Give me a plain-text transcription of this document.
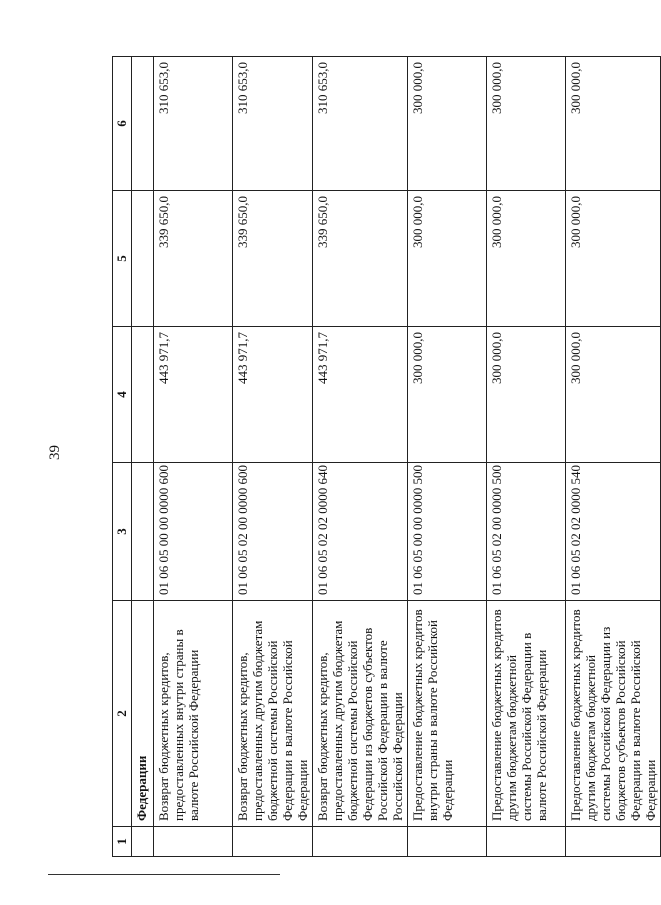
39
1	2	3	4	5	6
	Федерации				
	Возврат бюджетных кредитов, предоставленных внутри страны в валюте Российской Федерации	01 06 05 00 00 0000 600	443 971,7	339 650,0	310 653,0
	Возврат бюджетных кредитов, предоставленных другим бюджетам бюджетной системы Российской Федерации в валюте Российской Федерации	01 06 05 02 00 0000 600	443 971,7	339 650,0	310 653,0
	Возврат бюджетных кредитов, предоставленных другим бюджетам бюджетной системы Российской Федерации из бюджетов субъектов Российской Федерации в валюте Российской Федерации	01 06 05 02 02 0000 640	443 971,7	339 650,0	310 653,0
	Предоставление бюджетных кредитов внутри страны в валюте Российской Федерации	01 06 05 00 00 0000 500	300 000,0	300 000,0	300 000,0
	Предоставление бюджетных кредитов другим бюджетам бюджетной системы Российской Федерации в валюте Российской Федерации	01 06 05 02 00 0000 500	300 000,0	300 000,0	300 000,0
	Предоставление бюджетных кредитов другим бюджетам бюджетной системы Российской Федерации из бюджетов субъектов Российской Федерации в валюте Российской Федерации	01 06 05 02 02 0000 540	300 000,0	300 000,0	300 000,0
